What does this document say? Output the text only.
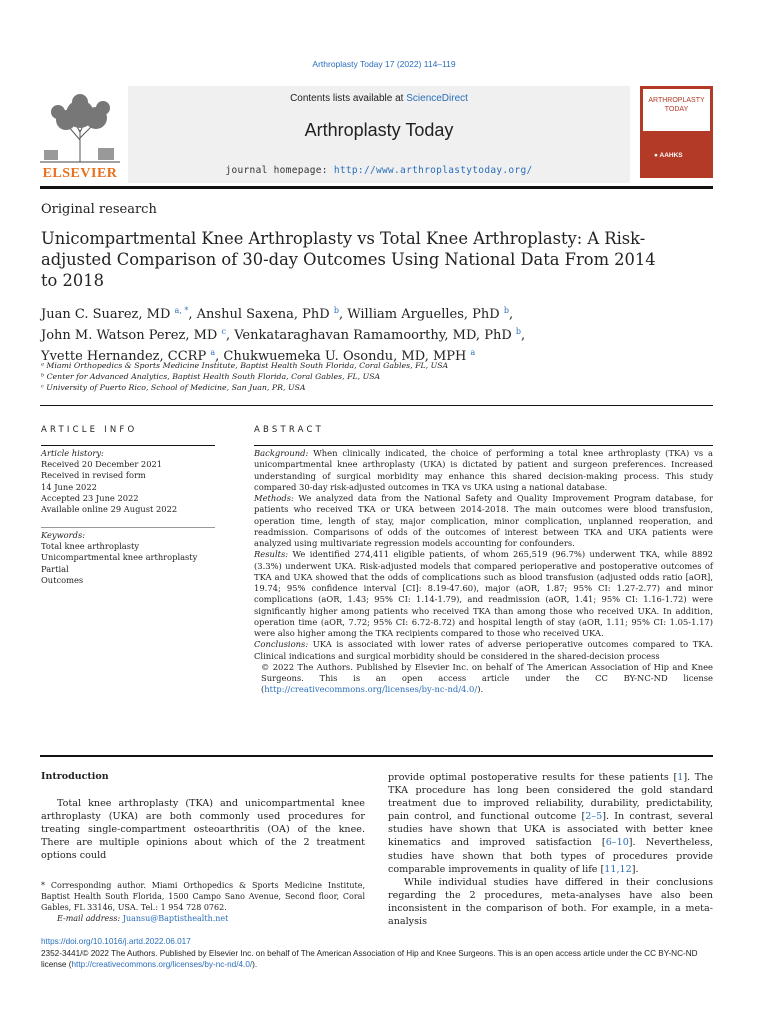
Arthroplasty Today 17 (2022) 114–119
ELSEVIER
Contents lists available at ScienceDirect
Arthroplasty Today
journal homepage: http://www.arthroplastytoday.org/
ARTHROPLASTY
TODAY
● AAHKS
Original research
Unicompartmental Knee Arthroplasty vs Total Knee Arthroplasty: A Risk-adjusted Comparison of 30-day Outcomes Using National Data From 2014 to 2018
Juan C. Suarez, MD $^{a, *}$, Anshul Saxena, PhD $^b$, William Arguelles, PhD $^b$,
John M. Watson Perez, MD $^c$, Venkataraghavan Ramamoorthy, MD, PhD $^b$,
Yvette Hernandez, CCRP $^a$, Chukwuemeka U. Osondu, MD, MPH $^a$
ᵃ Miami Orthopedics & Sports Medicine Institute, Baptist Health South Florida, Coral Gables, FL, USA
ᵇ Center for Advanced Analytics, Baptist Health South Florida, Coral Gables, FL, USA
ᶜ University of Puerto Rico, School of Medicine, San Juan, PR, USA
ARTICLE INFO
Article history:
Received 20 December 2021
Received in revised form
14 June 2022
Accepted 23 June 2022
Available online 29 August 2022
Keywords:
Total knee arthroplasty
Unicompartmental knee arthroplasty
Partial
Outcomes
ABSTRACT
Background: When clinically indicated, the choice of performing a total knee arthroplasty (TKA) vs a unicompartmental knee arthroplasty (UKA) is dictated by patient and surgeon preferences. Increased understanding of surgical morbidity may enhance this shared decision-making process. This study compared 30-day risk-adjusted outcomes in TKA vs UKA using a national database.
Methods: We analyzed data from the National Safety and Quality Improvement Program database, for patients who received TKA or UKA between 2014-2018. The main outcomes were blood transfusion, operation time, length of stay, major complication, minor complication, unplanned reoperation, and readmission. Comparisons of odds of the outcomes of interest between TKA and UKA patients were analyzed using multivariate regression models accounting for confounders.
Results: We identified 274,411 eligible patients, of whom 265,519 (96.7%) underwent TKA, while 8892 (3.3%) underwent UKA. Risk-adjusted models that compared perioperative and postoperative outcomes of TKA and UKA showed that the odds of complications such as blood transfusion (adjusted odds ratio [aOR], 19.74; 95% confidence interval [CI]: 8.19-47.60), major (aOR, 1.87; 95% CI: 1.27-2.77) and minor complications (aOR, 1.43; 95% CI: 1.14-1.79), and readmission (aOR, 1.41; 95% CI: 1.16-1.72) were significantly higher among patients who received TKA than among those who received UKA. In addition, operation time (aOR, 7.72; 95% CI: 6.72-8.72) and hospital length of stay (aOR, 1.11; 95% CI: 1.05-1.17) were also higher among the TKA recipients compared to those who received UKA.
Conclusions: UKA is associated with lower rates of adverse perioperative outcomes compared to TKA. Clinical indications and surgical morbidity should be considered in the shared-decision process
© 2022 The Authors. Published by Elsevier Inc. on behalf of The American Association of Hip and Knee Surgeons. This is an open access article under the CC BY-NC-ND license (http://creativecommons.org/licenses/by-nc-nd/4.0/).
Introduction
Total knee arthroplasty (TKA) and unicompartmental knee arthroplasty (UKA) are both commonly used procedures for treating single-compartment osteoarthritis (OA) of the knee. There are multiple opinions about which of the 2 treatment options could

provide optimal postoperative results for these patients [1]. The TKA procedure has long been considered the gold standard treatment due to improved reliability, durability, predictability, pain control, and functional outcome [2–5]. In contrast, several studies have shown that UKA is associated with better knee kinematics and improved satisfaction [6–10]. Nevertheless, studies have shown that both types of procedures provide comparable improvements in quality of life [11,12].

While individual studies have differed in their conclusions regarding the 2 procedures, meta-analyses have also been inconsistent in the comparison of both. For example, in a meta-analysis

* Corresponding author. Miami Orthopedics & Sports Medicine Institute, Baptist Health South Florida, 1500 Campo Sano Avenue, Second floor, Coral Gables, FL 33146, USA. Tel.: 1 954 728 0762.
E-mail address: Juansu@Baptisthealth.net
https://doi.org/10.1016/j.artd.2022.06.017
2352-3441/© 2022 The Authors. Published by Elsevier Inc. on behalf of The American Association of Hip and Knee Surgeons. This is an open access article under the CC BY-NC-ND license (http://creativecommons.org/licenses/by-nc-nd/4.0/).
